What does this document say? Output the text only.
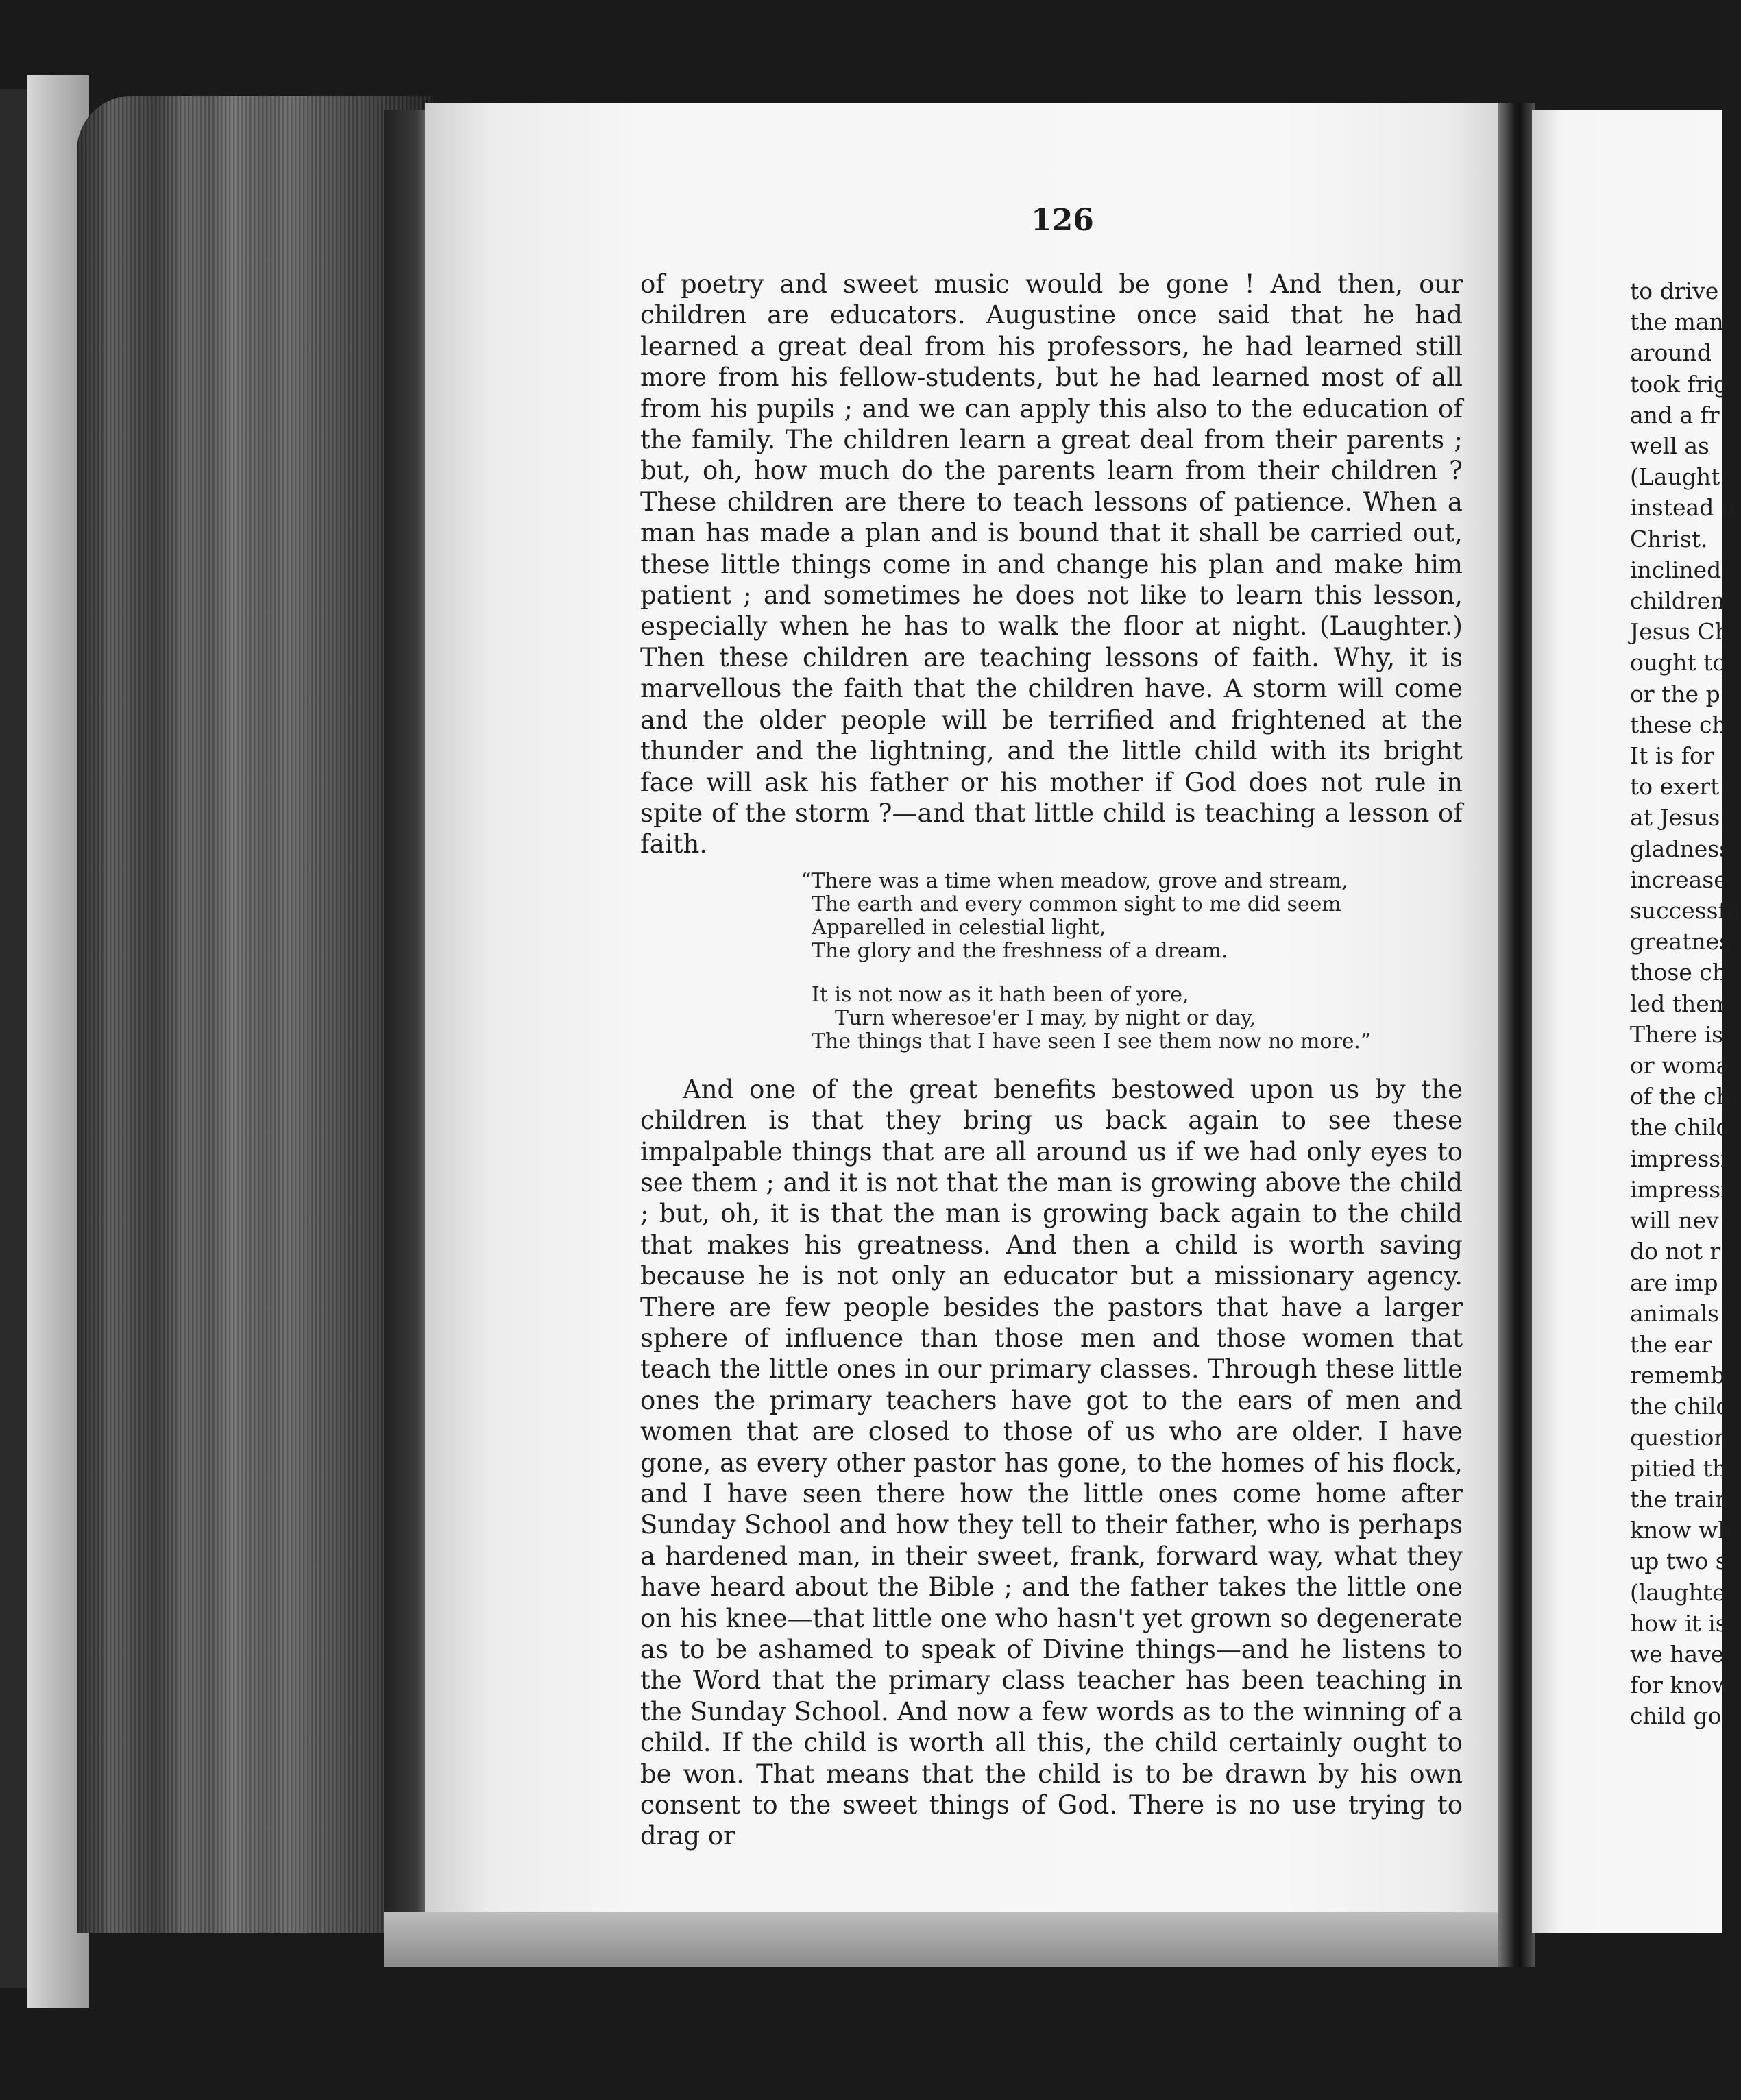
126

of poetry and sweet music would be gone ! And then, our children are educators. Augustine once said that he had learned a great deal from his professors, he had learned still more from his fellow-students, but he had learned most of all from his pupils ; and we can apply this also to the education of the family. The children learn a great deal from their parents ; but, oh, how much do the parents learn from their children ? These children are there to teach lessons of patience. When a man has made a plan and is bound that it shall be carried out, these little things come in and change his plan and make him patient ; and sometimes he does not like to learn this lesson, especially when he has to walk the floor at night. (Laughter.) Then these children are teaching lessons of faith. Why, it is marvellous the faith that the children have. A storm will come and the older people will be terrified and frightened at the thunder and the lightning, and the little child with its bright face will ask his father or his mother if God does not rule in spite of the storm ?—and that little child is teaching a lesson of faith.

“There was a time when meadow, grove and stream,
The earth and every common sight to me did seem
Apparelled in celestial light,
The glory and the freshness of a dream.
It is not now as it hath been of yore,
Turn wheresoe'er I may, by night or day,
The things that I have seen I see them now no more.”

And one of the great benefits bestowed upon us by the children is that they bring us back again to see these impalpable things that are all around us if we had only eyes to see them ; and it is not that the man is growing above the child ; but, oh, it is that the man is growing back again to the child that makes his greatness. And then a child is worth saving because he is not only an educator but a missionary agency. There are few people besides the pastors that have a larger sphere of influence than those men and those women that teach the little ones in our primary classes. Through these little ones the primary teachers have got to the ears of men and women that are closed to those of us who are older. I have gone, as every other pastor has gone, to the homes of his flock, and I have seen there how the little ones come home after Sunday School and how they tell to their father, who is perhaps a hardened man, in their sweet, frank, forward way, what they have heard about the Bible ; and the father takes the little one on his knee—that little one who hasn't yet grown so degenerate as to be ashamed to speak of Divine things—and he listens to the Word that the primary class teacher has been teaching in the Sunday School. And now a few words as to the winning of a child. If the child is worth all this, the child certainly ought to be won. That means that the child is to be drawn by his own consent to the sweet things of God. There is no use trying to drag or

to drive
the man
around
took frig
and a fr
well as
(Laught
instead o
Christ.
inclined
children
Jesus Ch
ought to
or the p
these ch
It is for
to exert
at Jesus
gladness
increase
successfu
greatnes
those ch
led them
There is
or woma
of the ch
the child
impressi
impressi
will nev
do not r
are imp
animals
the ear
rememb
the child
question
pitied th
the train
know wh
up two s
(laughte
how it is
we have
for know
child go
